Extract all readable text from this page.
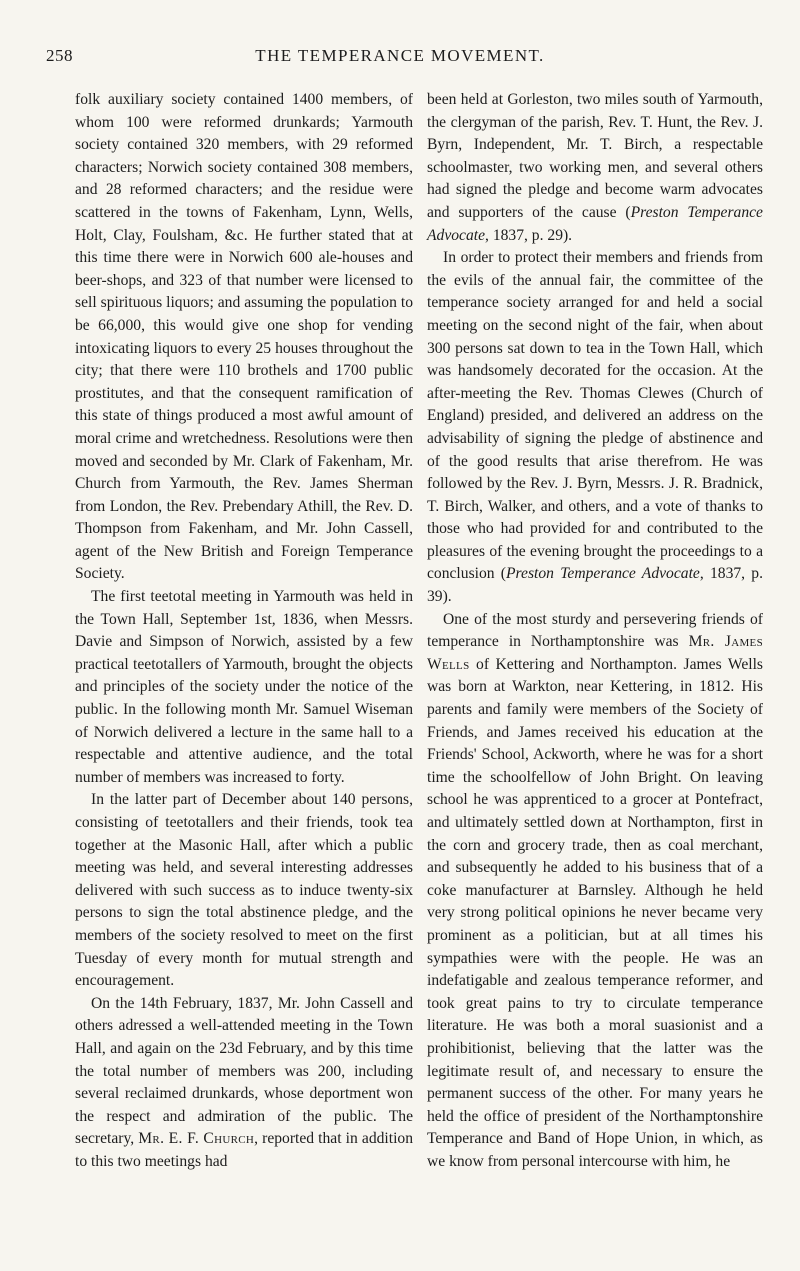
258	THE TEMPERANCE MOVEMENT.

folk auxiliary society contained 1400 members, of whom 100 were reformed drunkards; Yarmouth society contained 320 members, with 29 reformed characters; Norwich society contained 308 members, and 28 reformed characters; and the residue were scattered in the towns of Fakenham, Lynn, Wells, Holt, Clay, Foulsham, &c. He further stated that at this time there were in Norwich 600 ale-houses and beer-shops, and 323 of that number were licensed to sell spirituous liquors; and assuming the population to be 66,000, this would give one shop for vending intoxicating liquors to every 25 houses throughout the city; that there were 110 brothels and 1700 public prostitutes, and that the consequent ramification of this state of things produced a most awful amount of moral crime and wretchedness. Resolutions were then moved and seconded by Mr. Clark of Fakenham, Mr. Church from Yarmouth, the Rev. James Sherman from London, the Rev. Prebendary Athill, the Rev. D. Thompson from Fakenham, and Mr. John Cassell, agent of the New British and Foreign Temperance Society.

The first teetotal meeting in Yarmouth was held in the Town Hall, September 1st, 1836, when Messrs. Davie and Simpson of Norwich, assisted by a few practical teetotallers of Yarmouth, brought the objects and principles of the society under the notice of the public. In the following month Mr. Samuel Wiseman of Norwich delivered a lecture in the same hall to a respectable and attentive audience, and the total number of members was increased to forty.

In the latter part of December about 140 persons, consisting of teetotallers and their friends, took tea together at the Masonic Hall, after which a public meeting was held, and several interesting addresses delivered with such success as to induce twenty-six persons to sign the total abstinence pledge, and the members of the society resolved to meet on the first Tuesday of every month for mutual strength and encouragement.

On the 14th February, 1837, Mr. John Cassell and others adressed a well-attended meeting in the Town Hall, and again on the 23d February, and by this time the total number of members was 200, including several reclaimed drunkards, whose deportment won the respect and admiration of the public. The secretary, Mr. E. F. Church, reported that in addition to this two meetings had

been held at Gorleston, two miles south of Yarmouth, the clergyman of the parish, Rev. T. Hunt, the Rev. J. Byrn, Independent, Mr. T. Birch, a respectable schoolmaster, two working men, and several others had signed the pledge and become warm advocates and supporters of the cause (Preston Temperance Advocate, 1837, p. 29).

In order to protect their members and friends from the evils of the annual fair, the committee of the temperance society arranged for and held a social meeting on the second night of the fair, when about 300 persons sat down to tea in the Town Hall, which was handsomely decorated for the occasion. At the after-meeting the Rev. Thomas Clewes (Church of England) presided, and delivered an address on the advisability of signing the pledge of abstinence and of the good results that arise therefrom. He was followed by the Rev. J. Byrn, Messrs. J. R. Bradnick, T. Birch, Walker, and others, and a vote of thanks to those who had provided for and contributed to the pleasures of the evening brought the proceedings to a conclusion (Preston Temperance Advocate, 1837, p. 39).

One of the most sturdy and persevering friends of temperance in Northamptonshire was Mr. James Wells of Kettering and Northampton. James Wells was born at Warkton, near Kettering, in 1812. His parents and family were members of the Society of Friends, and James received his education at the Friends' School, Ackworth, where he was for a short time the schoolfellow of John Bright. On leaving school he was apprenticed to a grocer at Pontefract, and ultimately settled down at Northampton, first in the corn and grocery trade, then as coal merchant, and subsequently he added to his business that of a coke manufacturer at Barnsley. Although he held very strong political opinions he never became very prominent as a politician, but at all times his sympathies were with the people. He was an indefatigable and zealous temperance reformer, and took great pains to try to circulate temperance literature. He was both a moral suasionist and a prohibitionist, believing that the latter was the legitimate result of, and necessary to ensure the permanent success of the other. For many years he held the office of president of the Northamptonshire Temperance and Band of Hope Union, in which, as we know from personal intercourse with him, he
